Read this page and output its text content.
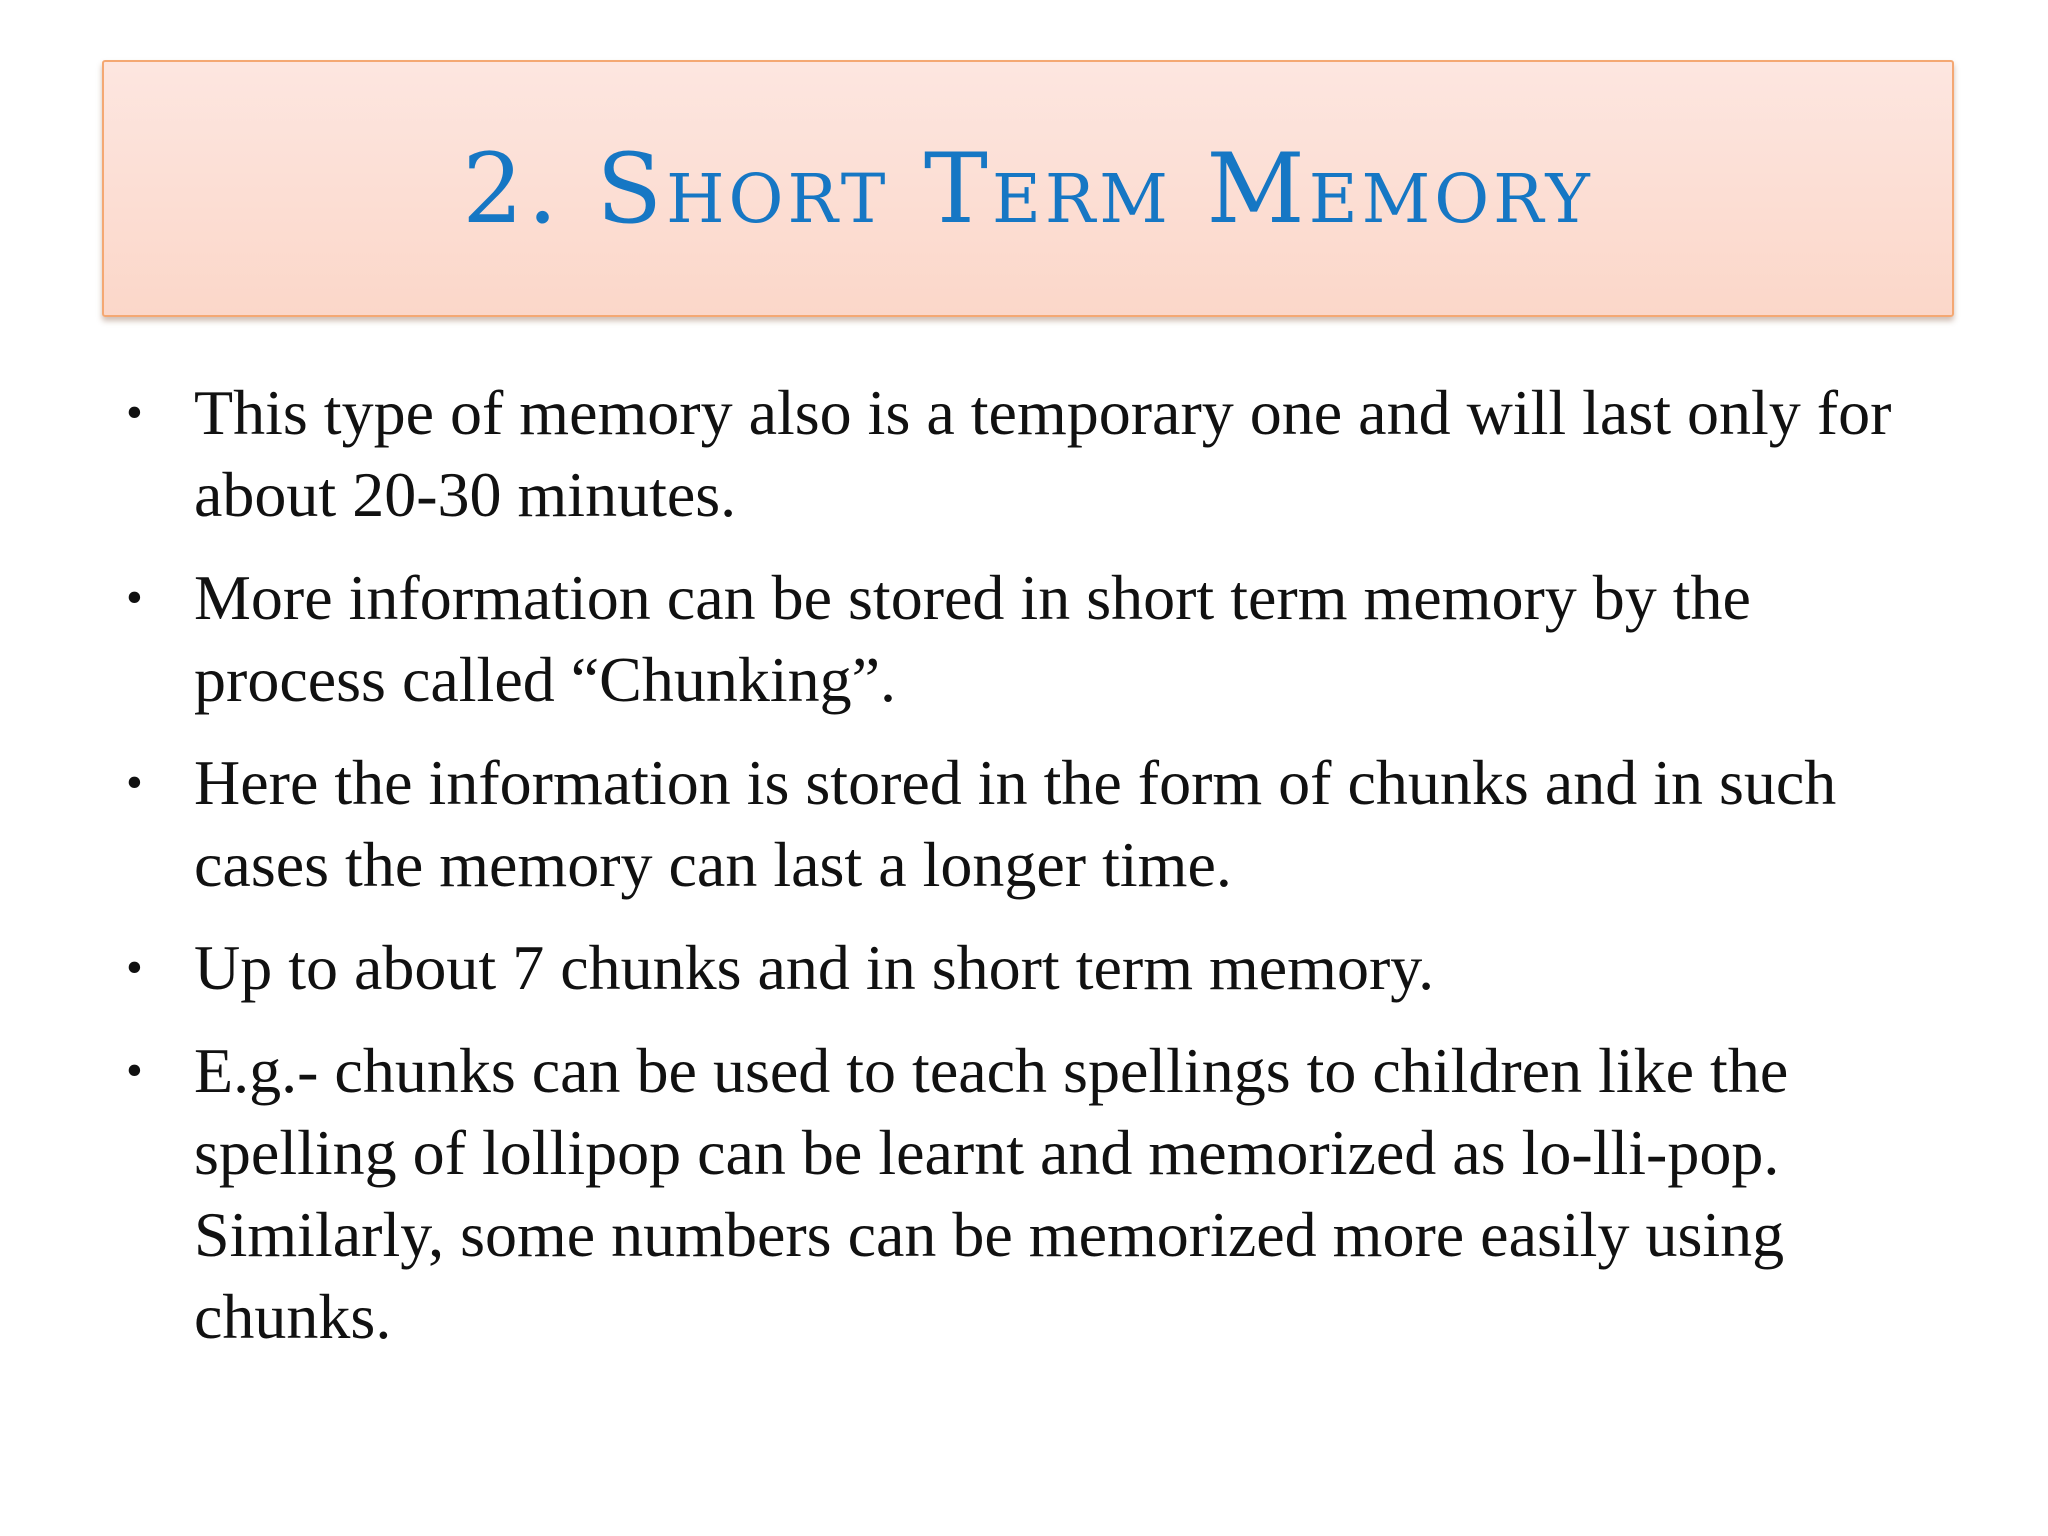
2. Short Term Memory
• This type of memory also is a temporary one and will last only for about 20-30 minutes.
• More information can be stored in short term memory by the process called “Chunking”.
• Here the information is stored in the form of chunks and in such cases the memory can last a longer time.
• Up to about 7 chunks and in short term memory.
• E.g.- chunks can be used to teach spellings to children like the spelling of lollipop can be learnt and memorized as lo-lli-pop. Similarly, some numbers can be memorized more easily using chunks.
